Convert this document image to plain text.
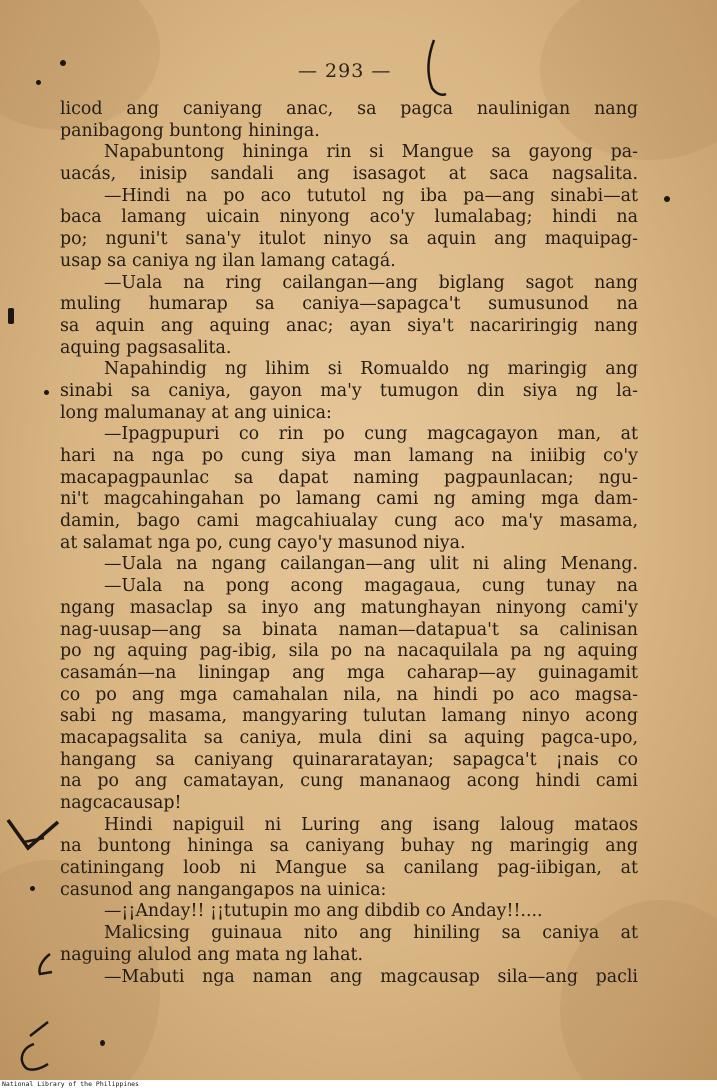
— 293 —
licod ang caniyang anac, sa pagca naulinigan nang
panibagong buntong hininga.
Napabuntong hininga rin si Mangue sa gayong pa-
uacás, inisip sandali ang isasagot at saca nagsalita.
—Hindi na po aco tututol ng iba pa—ang sinabi—at
baca lamang uicain ninyong aco'y lumalabag; hindi na
po; nguni't sana'y itulot ninyo sa aquin ang maquipag-
usap sa caniya ng ilan lamang catagá.
—Uala na ring cailangan—ang biglang sagot nang
muling humarap sa caniya—sapagca't sumusunod na
sa aquin ang aquing anac; ayan siya't nacariringig nang
aquing pagsasalita.
Napahindig ng lihim si Romualdo ng maringig ang
sinabi sa caniya, gayon ma'y tumugon din siya ng la-
long malumanay at ang uinica:
—Ipagpupuri co rin po cung magcagayon man, at
hari na nga po cung siya man lamang na iniibig co'y
macapagpaunlac sa dapat naming pagpaunlacan; ngu-
ni't magcahingahan po lamang cami ng aming mga dam-
damin, bago cami magcahiualay cung aco ma'y masama,
at salamat nga po, cung cayo'y masunod niya.
—Uala na ngang cailangan—ang ulit ni aling Menang.
—Uala na pong acong magagaua, cung tunay na
ngang masaclap sa inyo ang matunghayan ninyong cami'y
nag-uusap—ang sa binata naman—datapua't sa calinisan
po ng aquing pag-ibig, sila po na nacaquilala pa ng aquing
casamán—na liningap ang mga caharap—ay guinagamit
co po ang mga camahalan nila, na hindi po aco magsa-
sabi ng masama, mangyaring tulutan lamang ninyo acong
macapagsalita sa caniya, mula dini sa aquing pagca-upo,
hangang sa caniyang quinararatayan; sapagca't ¡nais co
na po ang camatayan, cung mananaog acong hindi cami
nagcacausap!
Hindi napiguil ni Luring ang isang laloug mataos
na buntong hininga sa caniyang buhay ng maringig ang
catiningang loob ni Mangue sa canilang pag-iibigan, at
casunod ang nangangapos na uinica:
—¡¡Anday!! ¡¡tutupin mo ang dibdib co Anday!!....
Malicsing guinaua nito ang hiniling sa caniya at
naguing alulod ang mata ng lahat.
—Mabuti nga naman ang magcausap sila—ang pacli
National Library of the Philippines
